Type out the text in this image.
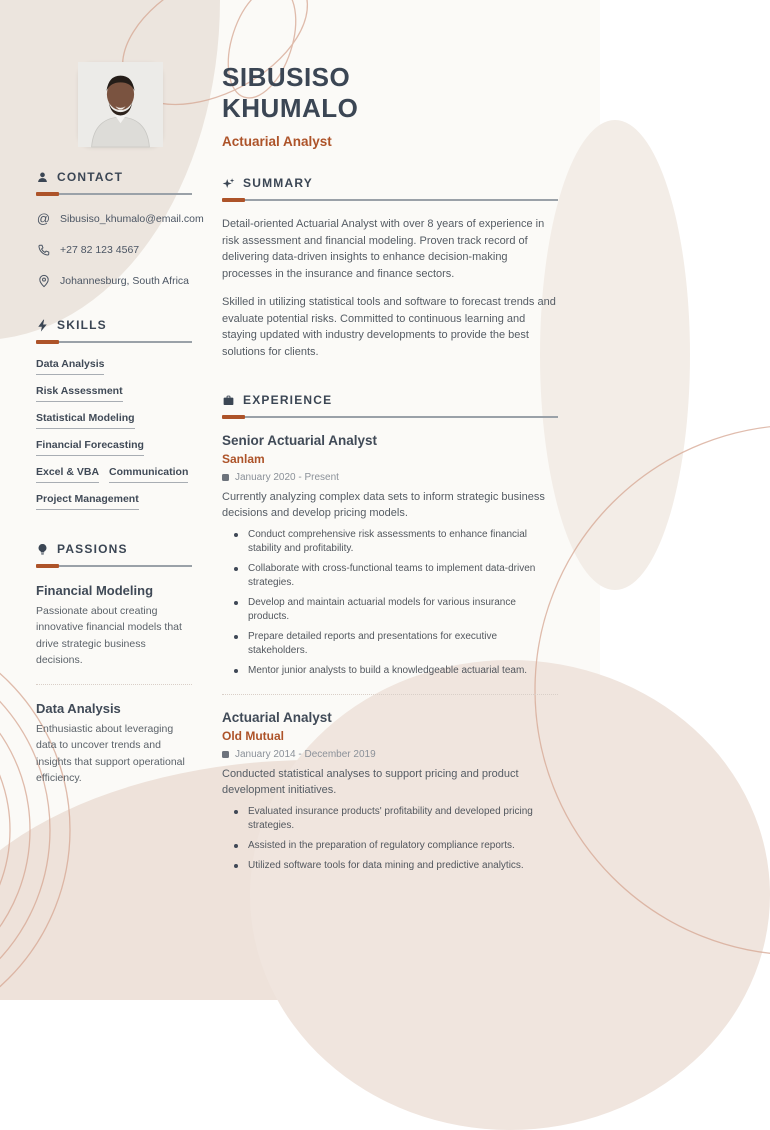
SIBUSISO
KHUMALO
Actuarial Analyst
CONTACT
@ Sibusiso_khumalo@email.com
+27 82 123 4567
Johannesburg, South Africa
SKILLS
Data Analysis
Risk Assessment
Statistical Modeling
Financial Forecasting
Excel & VBA Communication
Project Management
PASSIONS
Financial Modeling
Passionate about creating innovative financial models that drive strategic business decisions.
Data Analysis
Enthusiastic about leveraging data to uncover trends and insights that support operational efficiency.
SUMMARY

Detail-oriented Actuarial Analyst with over 8 years of experience in risk assessment and financial modeling. Proven track record of delivering data-driven insights to enhance decision-making processes in the insurance and finance sectors.

Skilled in utilizing statistical tools and software to forecast trends and evaluate potential risks. Committed to continuous learning and staying updated with industry developments to provide the best solutions for clients.

EXPERIENCE
Senior Actuarial Analyst
Sanlam
January 2020 - Present
Currently analyzing complex data sets to inform strategic business decisions and develop pricing models.
Conduct comprehensive risk assessments to enhance financial stability and profitability.
Collaborate with cross-functional teams to implement data-driven strategies.
Develop and maintain actuarial models for various insurance products.
Prepare detailed reports and presentations for executive stakeholders.
Mentor junior analysts to build a knowledgeable actuarial team.
Actuarial Analyst
Old Mutual
January 2014 - December 2019
Conducted statistical analyses to support pricing and product development initiatives.
Evaluated insurance products' profitability and developed pricing strategies.
Assisted in the preparation of regulatory compliance reports.
Utilized software tools for data mining and predictive analytics.
